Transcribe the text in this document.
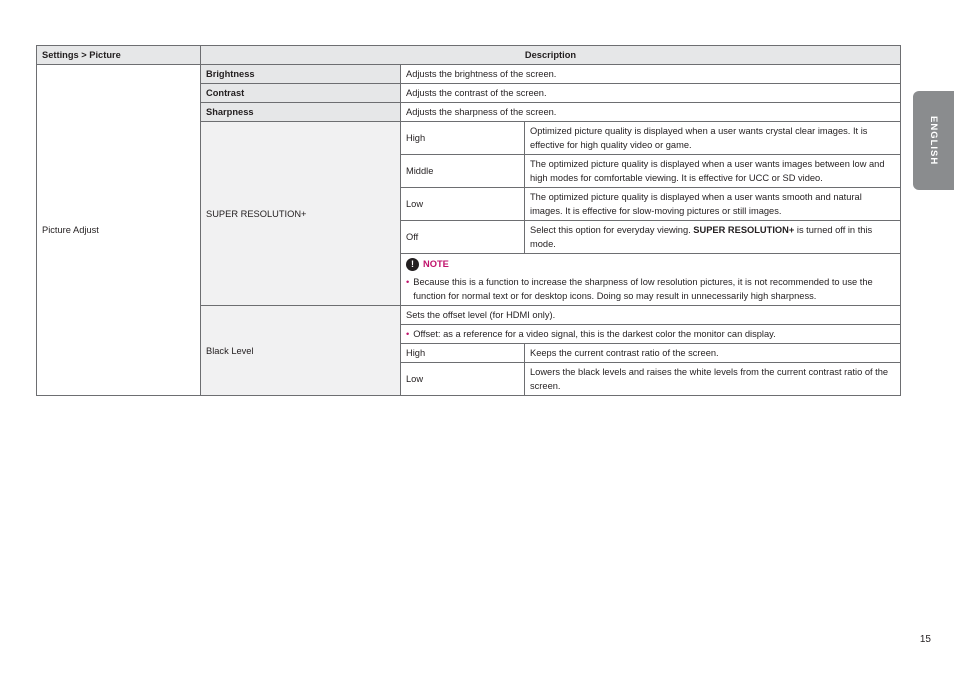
Settings > Picture	Description		
Picture Adjust	Brightness	Adjusts the brightness of the screen.	
	Contrast	Adjusts the contrast of the screen.	
	Sharpness	Adjusts the sharpness of the screen.	
	SUPER RESOLUTION+	High	Optimized picture quality is displayed when a user wants crystal clear images. It is effective for high quality video or game.
		Middle	The optimized picture quality is displayed when a user wants images between low and high modes for comfortable viewing. It is effective for UCC or SD video.
		Low	The optimized picture quality is displayed when a user wants smooth and natural images. It is effective for slow-moving pictures or still images.
		Off	Select this option for everyday viewing. SUPER RESOLUTION+ is turned off in this mode.

! NOTE
• Because this is a function to increase the sharpness of low resolution pictures, it is not recommended to use the function for normal text or for desktop icons. Doing so may result in unnecessarily high sharpness.	

	Black Level	Sets the offset level (for HDMI only).	

		• Offset: as a reference for a video signal, this is the darkest color the monitor can display.	

		High	Keeps the current contrast ratio of the screen.
		Low	Lowers the black levels and raises the white levels from the current contrast ratio of the screen.
ENGLISH
15
